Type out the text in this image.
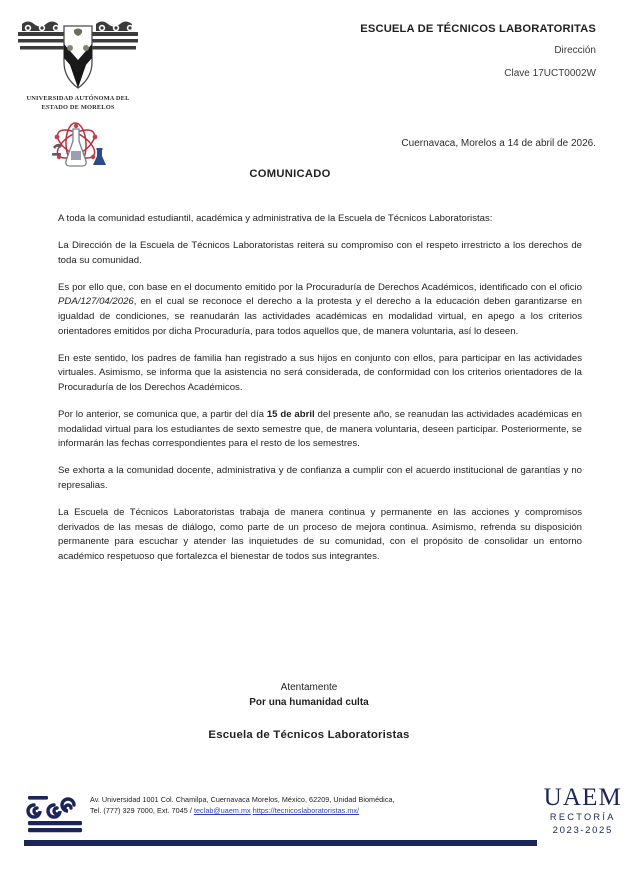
UNIVERSIDAD AUTÓNOMA DEL
ESTADO DE MORELOS
ESCUELA DE TÉCNICOS LABORATORITAS
Dirección
Clave 17UCT0002W
Cuernavaca, Morelos a 14 de abril de 2026.
COMUNICADO

A toda la comunidad estudiantil, académica y administrativa de la Escuela de Técnicos Laboratoristas:

La Dirección de la Escuela de Técnicos Laboratoristas reitera su compromiso con el respeto irrestricto a los derechos de toda su comunidad.

Es por ello que, con base en el documento emitido por la Procuraduría de Derechos Académicos, identificado con el oficio PDA/127/04/2026, en el cual se reconoce el derecho a la protesta y el derecho a la educación deben garantizarse en igualdad de condiciones, se reanudarán las actividades académicas en modalidad virtual, en apego a los criterios orientadores emitidos por dicha Procuraduría, para todos aquellos que, de manera voluntaria, así lo deseen.

En este sentido, los padres de familia han registrado a sus hijos en conjunto con ellos, para participar en las actividades virtuales. Asimismo, se informa que la asistencia no será considerada, de conformidad con los criterios orientadores de la Procuraduría de los Derechos Académicos.

Por lo anterior, se comunica que, a partir del día 15 de abril del presente año, se reanudan las actividades académicas en modalidad virtual para los estudiantes de sexto semestre que, de manera voluntaria, deseen participar. Posteriormente, se informarán las fechas correspondientes para el resto de los semestres.

Se exhorta a la comunidad docente, administrativa y de confianza a cumplir con el acuerdo institucional de garantías y no represalias.

La Escuela de Técnicos Laboratoristas trabaja de manera continua y permanente en las acciones y compromisos derivados de las mesas de diálogo, como parte de un proceso de mejora continua. Asimismo, refrenda su disposición permanente para escuchar y atender las inquietudes de su comunidad, con el propósito de consolidar un entorno académico respetuoso que fortalezca el bienestar de todos sus integrantes.

Atentamente
Por una humanidad culta
Escuela de Técnicos Laboratoristas
Av. Universidad 1001 Col. Chamilpa, Cuernavaca Morelos, México, 62209, Unidad Biomédica,
Tel. (777) 329 7000, Ext. 7045 / teclab@uaem.mx https://tecnicoslaboratoristas.mx/	UAEM
RECTORÍA
2023-2025
